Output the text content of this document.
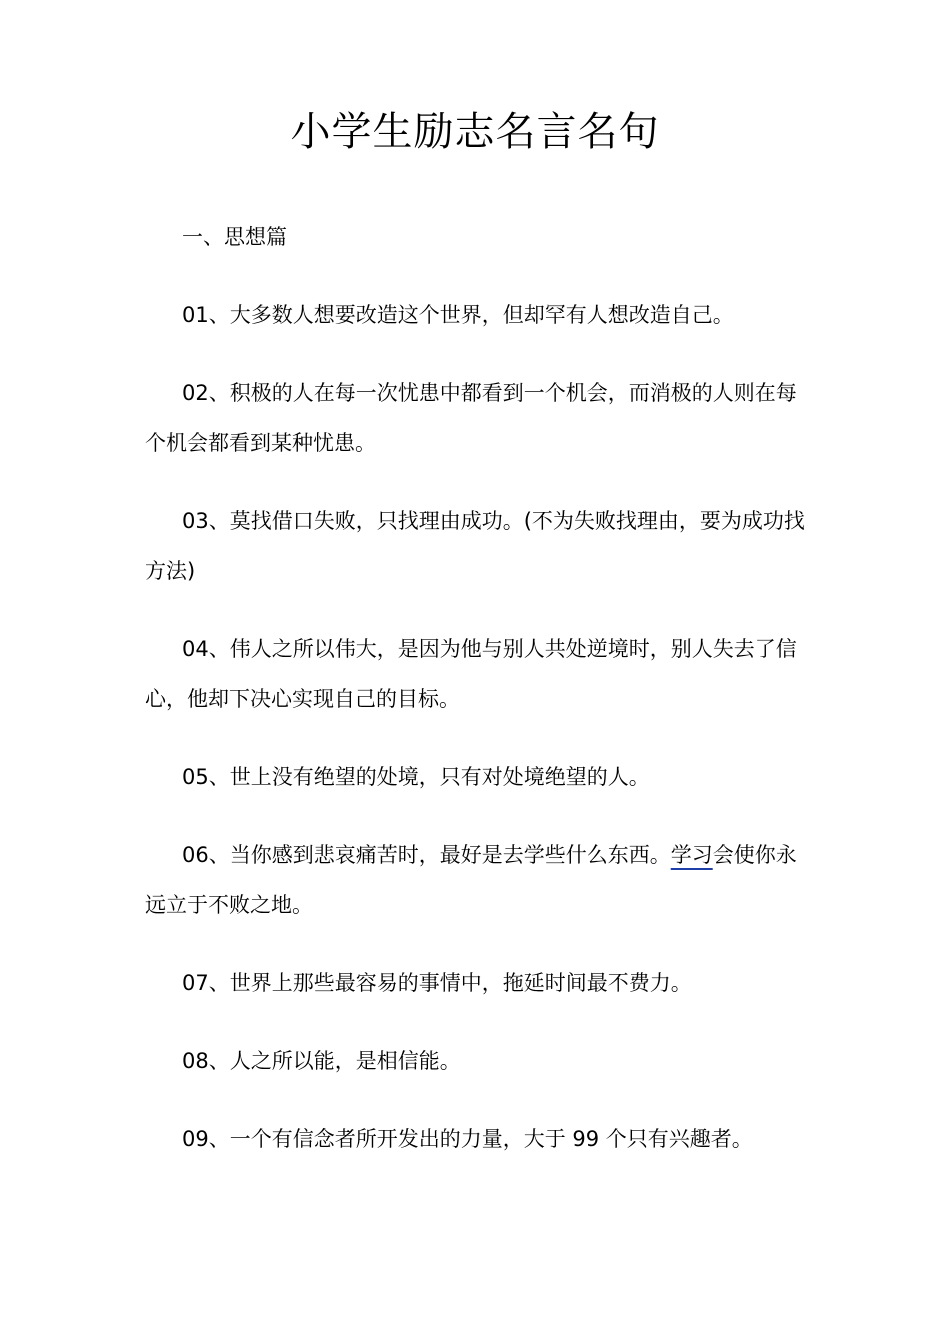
小学生励志名言名句

一、思想篇

01、大多数人想要改造这个世界，但却罕有人想改造自己。

02、积极的人在每一次忧患中都看到一个机会，而消极的人则在每个机会都看到某种忧患。

03、莫找借口失败，只找理由成功。(不为失败找理由，要为成功找方法)

04、伟人之所以伟大，是因为他与别人共处逆境时，别人失去了信心，他却下决心实现自己的目标。

05、世上没有绝望的处境，只有对处境绝望的人。

06、当你感到悲哀痛苦时，最好是去学些什么东西。学习会使你永远立于不败之地。

07、世界上那些最容易的事情中，拖延时间最不费力。

08、人之所以能，是相信能。

09、一个有信念者所开发出的力量，大于 99 个只有兴趣者。
